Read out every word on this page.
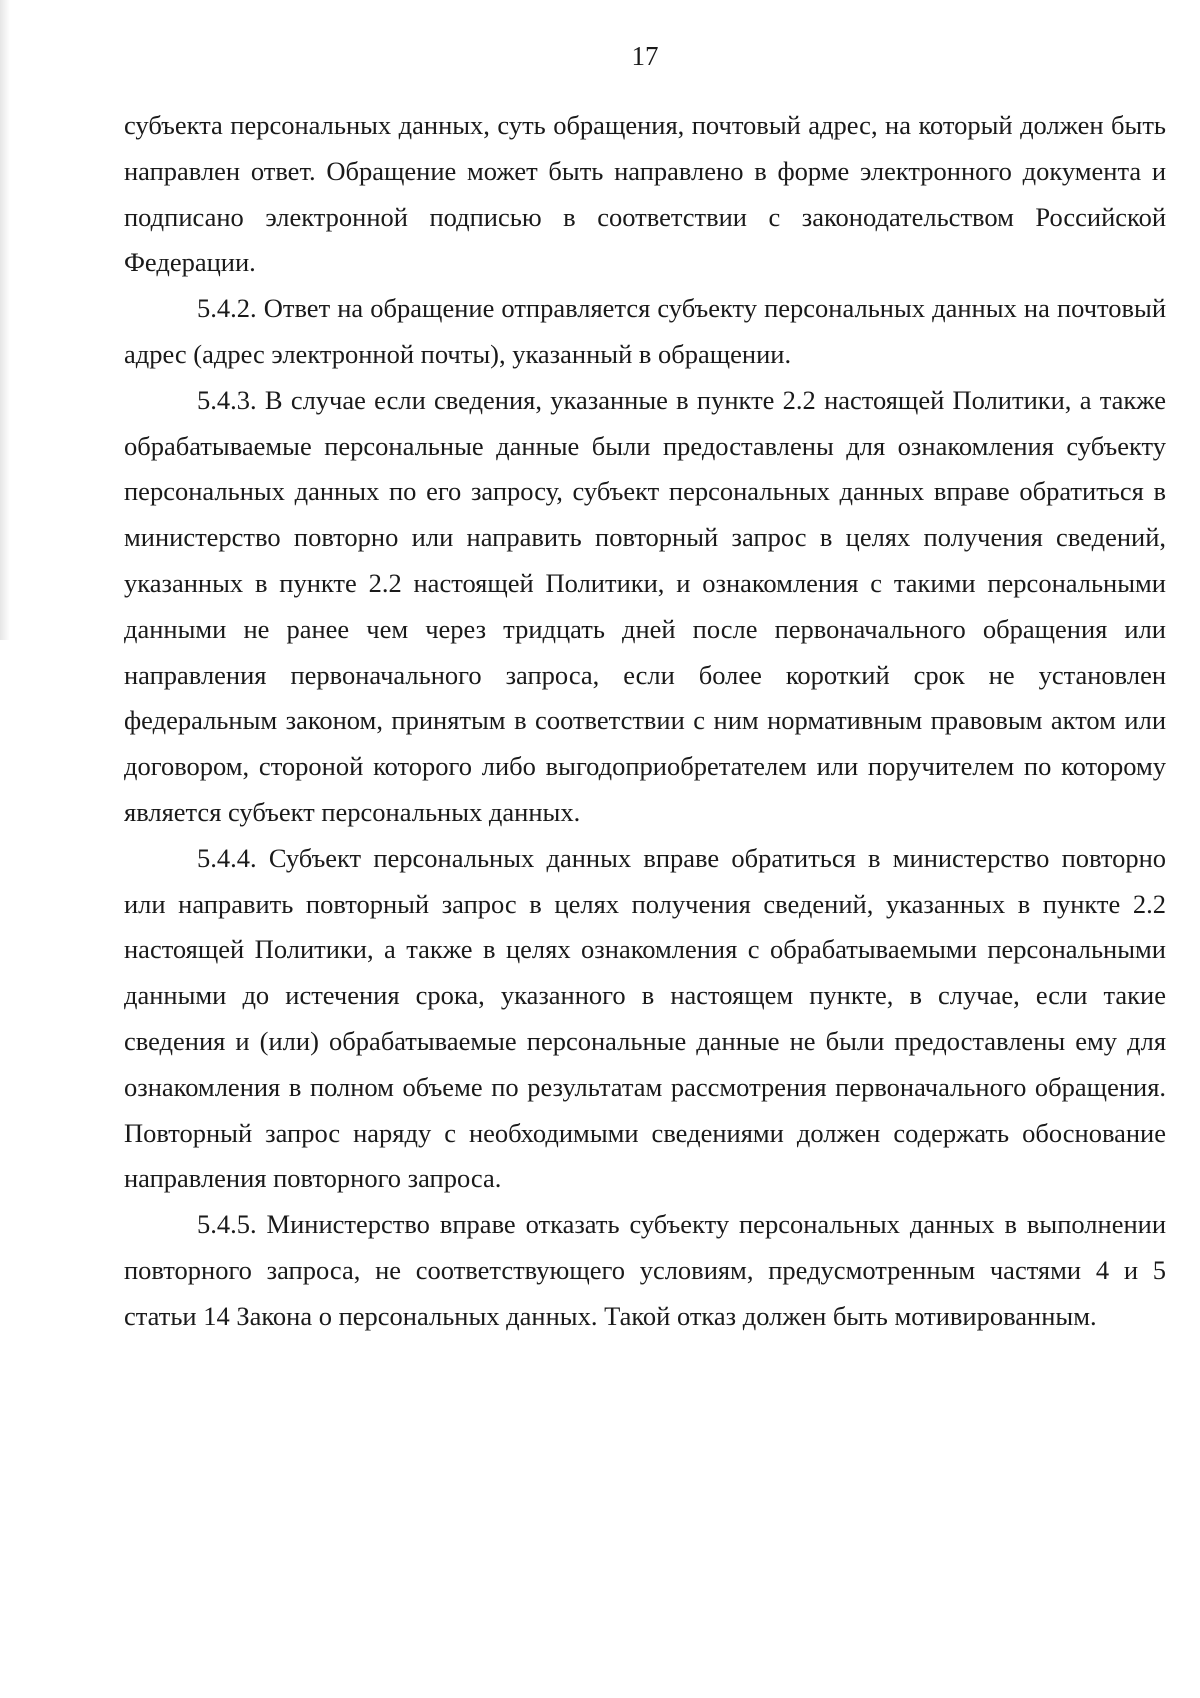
17

субъекта персональных данных, суть обращения, почтовый адрес, на который должен быть направлен ответ. Обращение может быть направлено в форме электронного документа и подписано электронной подписью в соответствии с законодательством Российской Федерации.

5.4.2. Ответ на обращение отправляется субъекту персональных данных на почтовый адрес (адрес электронной почты), указанный в обращении.

5.4.3. В случае если сведения, указанные в пункте 2.2 настоящей Политики, а также обрабатываемые персональные данные были предоставлены для ознакомления субъекту персональных данных по его запросу, субъект персональных данных вправе обратиться в министерство повторно или направить повторный запрос в целях получения сведений, указанных в пункте 2.2 настоящей Политики, и ознакомления с такими персональными данными не ранее чем через тридцать дней после первоначального обращения или направления первоначального запроса, если более короткий срок не установлен федеральным законом, принятым в соответствии с ним нормативным правовым актом или договором, стороной которого либо выгодоприобретателем или поручителем по которому является субъект персональных данных.

5.4.4. Субъект персональных данных вправе обратиться в министерство повторно или направить повторный запрос в целях получения сведений, указанных в пункте 2.2 настоящей Политики, а также в целях ознакомления с обрабатываемыми персональными данными до истечения срока, указанного в настоящем пункте, в случае, если такие сведения и (или) обрабатываемые персональные данные не были предоставлены ему для ознакомления в полном объеме по результатам рассмотрения первоначального обращения. Повторный запрос наряду с необходимыми сведениями должен содержать обоснование направления повторного запроса.

5.4.5. Министерство вправе отказать субъекту персональных данных в выполнении повторного запроса, не соответствующего условиям, предусмотренным частями 4 и 5 статьи 14 Закона о персональных данных. Такой отказ должен быть мотивированным.
